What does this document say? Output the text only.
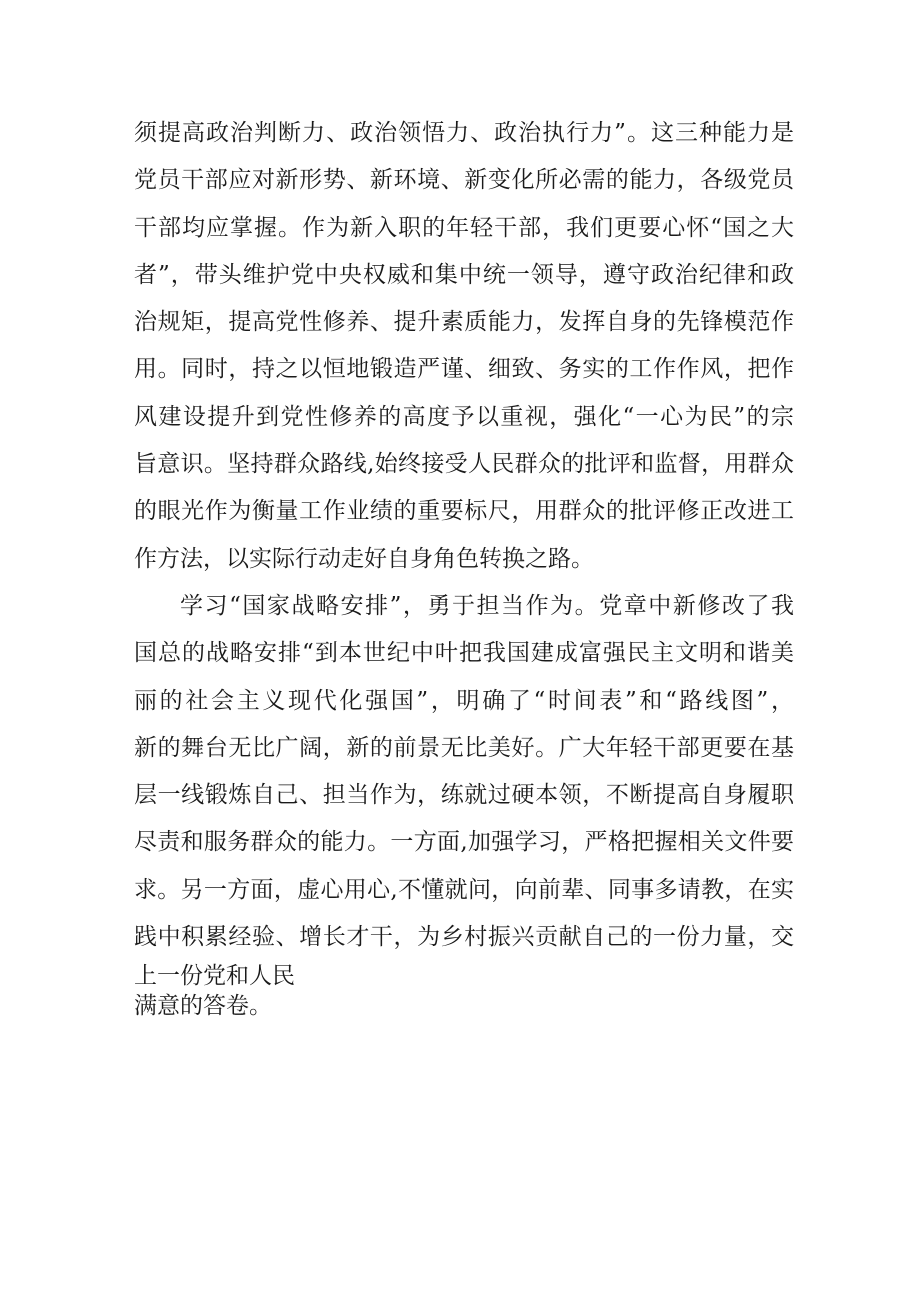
须提高政治判断力、政治领悟力、政治执行力”。这三种能力是
党员干部应对新形势、新环境、新变化所必需的能力，各级党员
干部均应掌握。作为新入职的年轻干部，我们更要心怀“国之大
者”，带头维护党中央权威和集中统一领导，遵守政治纪律和政
治规矩，提高党性修养、提升素质能力，发挥自身的先锋模范作
用。同时，持之以恒地锻造严谨、细致、务实的工作作风，把作
风建设提升到党性修养的高度予以重视，强化“一心为民”的宗
旨意识。坚持群众路线,始终接受人民群众的批评和监督，用群众
的眼光作为衡量工作业绩的重要标尺，用群众的批评修正改进工
作方法，以实际行动走好自身角色转换之路。
学习“国家战略安排”，勇于担当作为。党章中新修改了我
国总的战略安排“到本世纪中叶把我国建成富强民主文明和谐美
丽的社会主义现代化强国”，明确了“时间表”和“路线图”，
新的舞台无比广阔，新的前景无比美好。广大年轻干部更要在基
层一线锻炼自己、担当作为，练就过硬本领，不断提高自身履职
尽责和服务群众的能力。一方面,加强学习，严格把握相关文件要
求。另一方面，虚心用心,不懂就问，向前辈、同事多请教，在实
践中积累经验、增长才干，为乡村振兴贡献自己的一份力量，交
上一份党和人民
满意的答卷。
